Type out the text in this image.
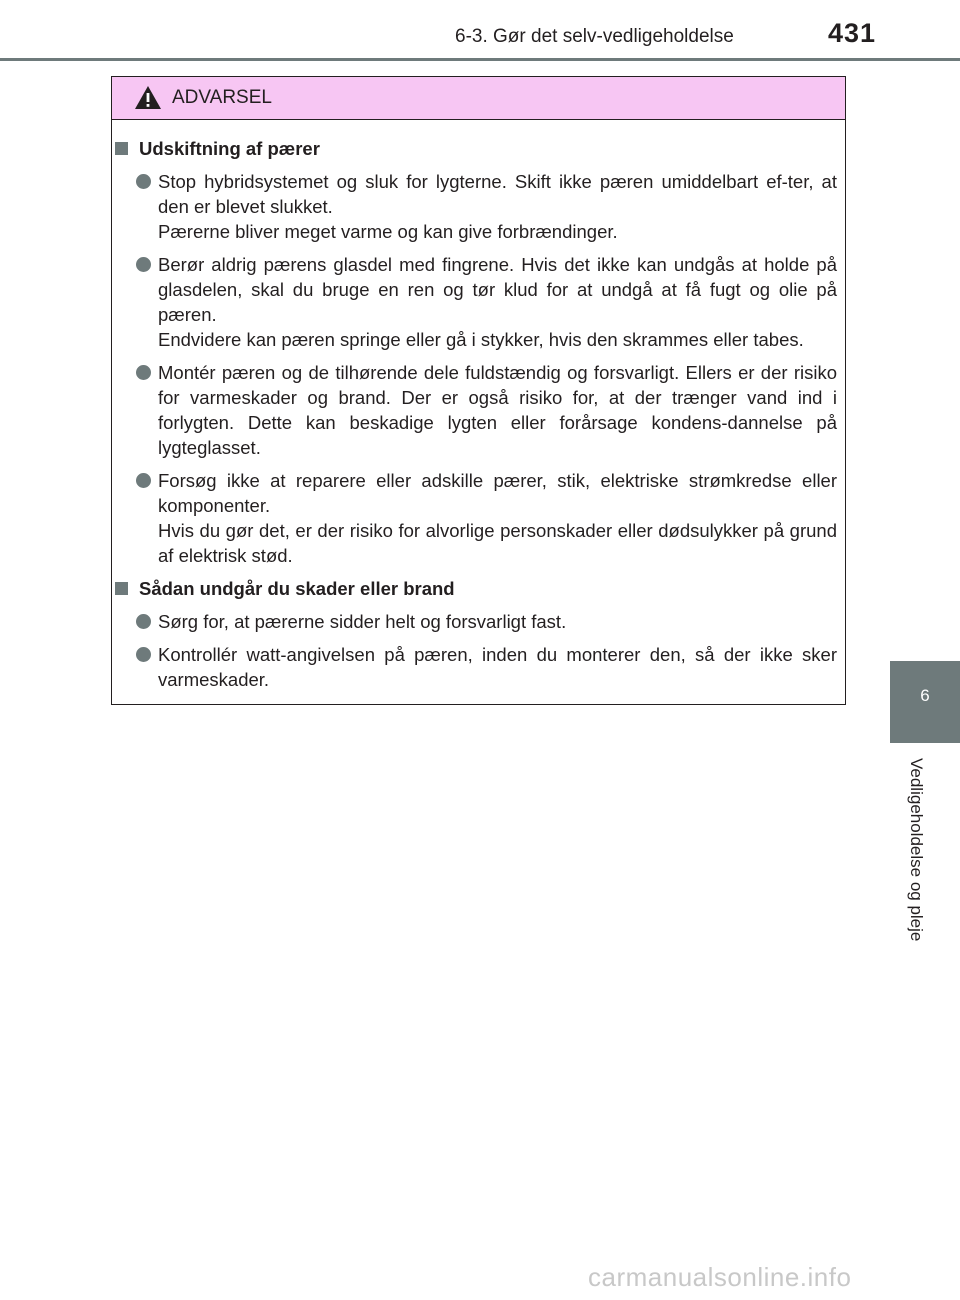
6-3. Gør det selv-vedligeholdelse	431
6
Vedligeholdelse og pleje
ADVARSEL
Udskiftning af pærer

Stop hybridsystemet og sluk for lygterne. Skift ikke pæren umiddelbart ef-ter, at den er blevet slukket.

Pærerne bliver meget varme og kan give forbrændinger.

Berør aldrig pærens glasdel med fingrene. Hvis det ikke kan undgås at holde på glasdelen, skal du bruge en ren og tør klud for at undgå at få fugt og olie på pæren.

Endvidere kan pæren springe eller gå i stykker, hvis den skrammes eller tabes.

Montér pæren og de tilhørende dele fuldstændig og forsvarligt. Ellers er der risiko for varmeskader og brand. Der er også risiko for, at der trænger vand ind i forlygten. Dette kan beskadige lygten eller forårsage kondens-dannelse på lygteglasset.

Forsøg ikke at reparere eller adskille pærer, stik, elektriske strømkredse eller komponenter.

Hvis du gør det, er der risiko for alvorlige personskader eller dødsulykker på grund af elektrisk stød.

Sådan undgår du skader eller brand

Sørg for, at pærerne sidder helt og forsvarligt fast.

Kontrollér watt-angivelsen på pæren, inden du monterer den, så der ikke sker varmeskader.

carmanualsonline.info
